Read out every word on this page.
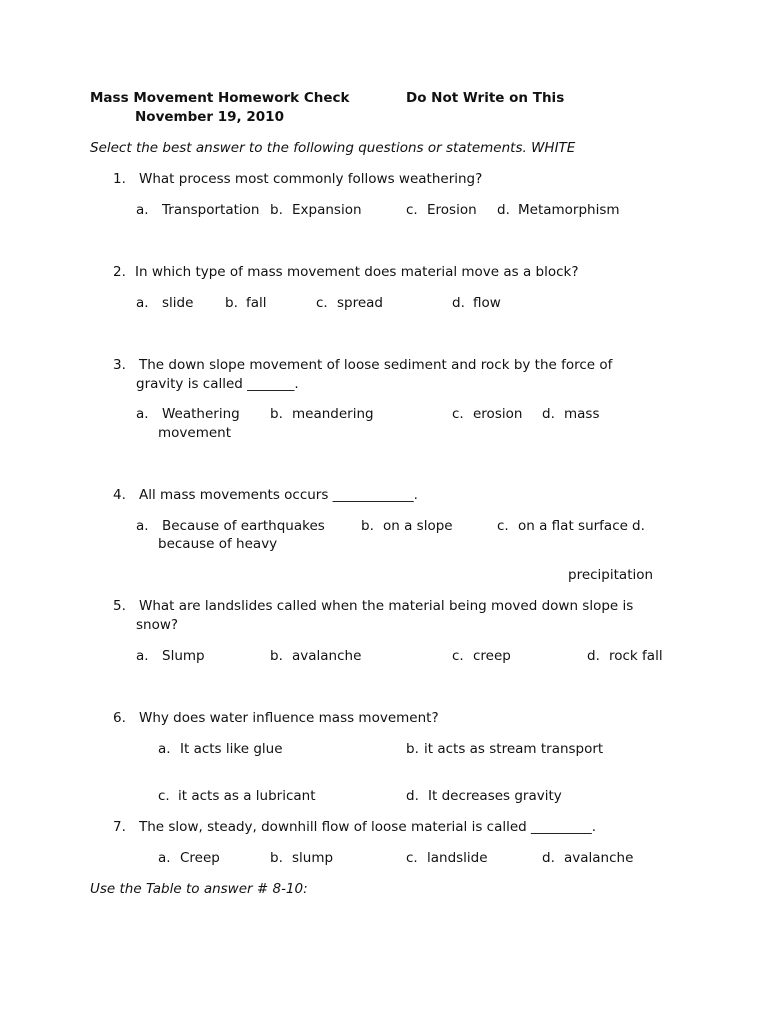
Mass Movement Homework Check	Do Not Write on This
November 19, 2010
Select the best answer to the following questions or statements. WHITE
1. What process most commonly follows weathering?
a. Transportation b. Expansion	c. Erosion d. Metamorphism
2. In which type of mass movement does material move as a block?
a. slide b. fall	c. spread	d. flow
3. The down slope movement of loose sediment and rock by the force of
gravity is called _______.
a. Weathering b. meandering	c. erosion d. mass
movement
4. All mass movements occurs ____________.
a. Because of earthquakes	b. on a slope	c. on a flat surface d.
because of heavy
precipitation
5. What are landslides called when the material being moved down slope is
snow?
a. Slump	b. avalanche	c. creep	d. rock fall
6. Why does water influence mass movement?
a. It acts like glue	b. it acts as stream transport
c. it acts as a lubricant	d. It decreases gravity
7. The slow, steady, downhill flow of loose material is called _________.
a. Creep	b. slump	c. landslide	d. avalanche
Use the Table to answer # 8-10:
